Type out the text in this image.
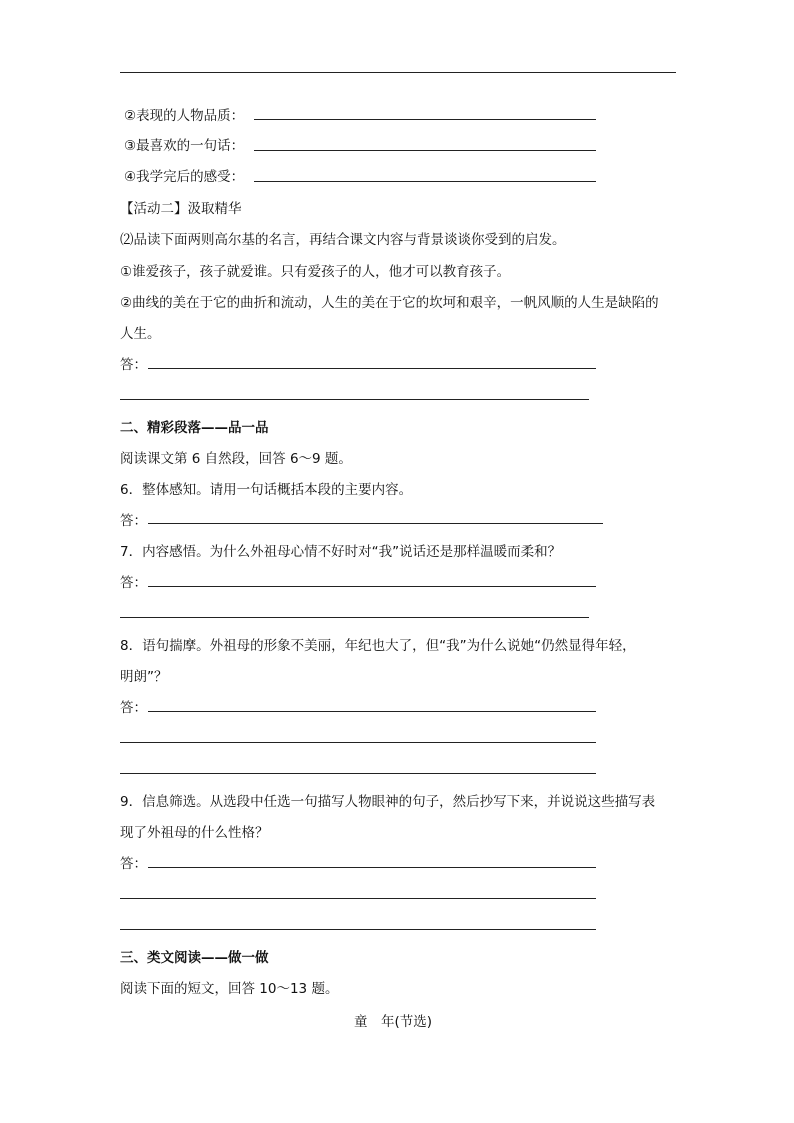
②表现的人物品质：
③最喜欢的一句话：
④我学完后的感受：
【活动二】汲取精华
⑵品读下面两则高尔基的名言，再结合课文内容与背景谈谈你受到的启发。
①谁爱孩子，孩子就爱谁。只有爱孩子的人，他才可以教育孩子。
②曲线的美在于它的曲折和流动，人生的美在于它的坎坷和艰辛，一帆风顺的人生是缺陷的
人生。
答：
二、精彩段落——品一品
阅读课文第 6 自然段，回答 6～9 题。
6．整体感知。请用一句话概括本段的主要内容。
答：
7．内容感悟。为什么外祖母心情不好时对“我”说话还是那样温暖而柔和？
答：
8．语句揣摩。外祖母的形象不美丽，年纪也大了，但“我”为什么说她“仍然显得年轻，
明朗”？
答：
9．信息筛选。从选段中任选一句描写人物眼神的句子，然后抄写下来，并说说这些描写表
现了外祖母的什么性格？
答：
三、类文阅读——做一做
阅读下面的短文，回答 10～13 题。
童　年(节选)
